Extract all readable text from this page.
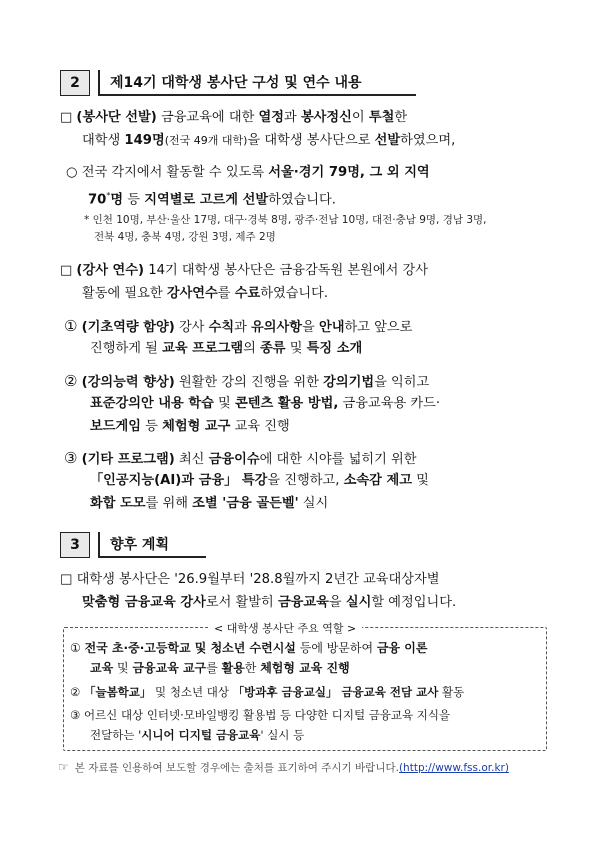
2	제14기 대학생 봉사단 구성 및 연수 내용
□ (봉사단 선발) 금융교육에 대한 열정과 봉사정신이 투철한
대학생 149명(전국 49개 대학)을 대학생 봉사단으로 선발하였으며,
○ 전국 각지에서 활동할 수 있도록 서울·경기 79명, 그 외 지역
70*명 등 지역별로 고르게 선발하였습니다.
* 인천 10명, 부산·울산 17명, 대구·경북 8명, 광주·전남 10명, 대전·충남 9명, 경남 3명,
전북 4명, 충북 4명, 강원 3명, 제주 2명
□ (강사 연수) 14기 대학생 봉사단은 금융감독원 본원에서 강사
활동에 필요한 강사연수를 수료하였습니다.
① (기초역량 함양) 강사 수칙과 유의사항을 안내하고 앞으로
진행하게 될 교육 프로그램의 종류 및 특징 소개
② (강의능력 향상) 원활한 강의 진행을 위한 강의기법을 익히고
표준강의안 내용 학습 및 콘텐츠 활용 방법, 금융교육용 카드·
보드게임 등 체험형 교구 교육 진행
③ (기타 프로그램) 최신 금융이슈에 대한 시야를 넓히기 위한
「인공지능(AI)과 금융」 특강을 진행하고, 소속감 제고 및
화합 도모를 위해 조별 '금융 골든벨' 실시
3	향후 계획
□ 대학생 봉사단은 '26.9월부터 '28.8월까지 2년간 교육대상자별
맞춤형 금융교육 강사로서 활발히 금융교육을 실시할 예정입니다.
< 대학생 봉사단 주요 역할 >
① 전국 초·중·고등학교 및 청소년 수련시설 등에 방문하여 금융 이론
교육 및 금융교육 교구를 활용한 체험형 교육 진행
② 「늘봄학교」 및 청소년 대상 「방과후 금융교실」 금융교육 전담 교사 활동
③ 어르신 대상 인터넷·모바일뱅킹 활용법 등 다양한 디지털 금융교육 지식을
전달하는 '시니어 디지털 금융교육' 실시 등
☞ 본 자료를 인용하여 보도할 경우에는 출처를 표기하여 주시기 바랍니다.(http://www.fss.or.kr)
